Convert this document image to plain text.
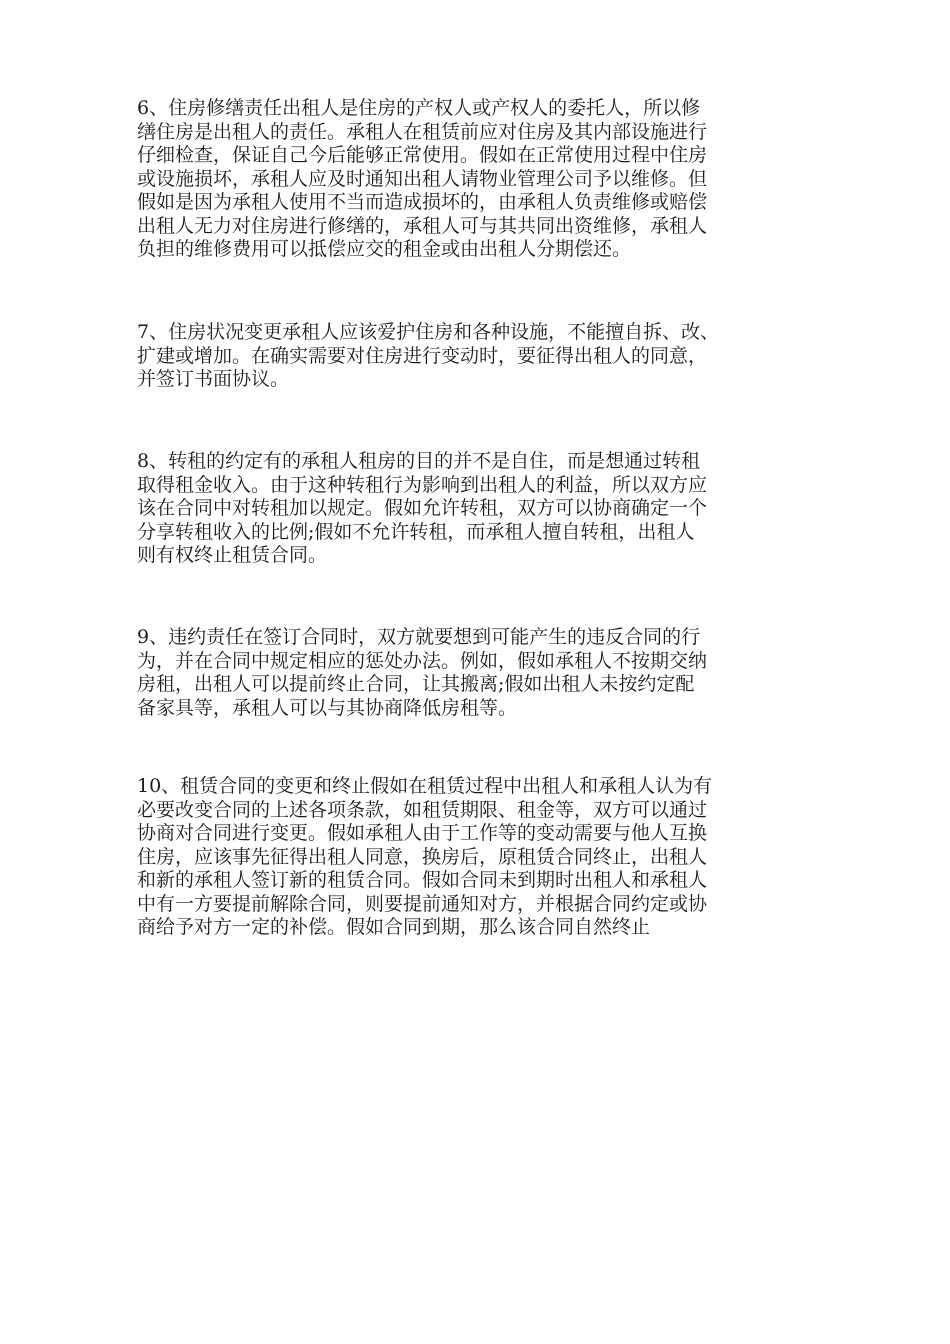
6、住房修缮责任出租人是住房的产权人或产权人的委托人，所以修
缮住房是出租人的责任。承租人在租赁前应对住房及其内部设施进行
仔细检查，保证自己今后能够正常使用。假如在正常使用过程中住房
或设施损坏，承租人应及时通知出租人请物业管理公司予以维修。但
假如是因为承租人使用不当而造成损坏的，由承租人负责维修或赔偿
出租人无力对住房进行修缮的，承租人可与其共同出资维修，承租人
负担的维修费用可以抵偿应交的租金或由出租人分期偿还。

7、住房状况变更承租人应该爱护住房和各种设施，不能擅自拆、改、
扩建或增加。在确实需要对住房进行变动时，要征得出租人的同意，
并签订书面协议。

8、转租的约定有的承租人租房的目的并不是自住，而是想通过转租
取得租金收入。由于这种转租行为影响到出租人的利益，所以双方应
该在合同中对转租加以规定。假如允许转租，双方可以协商确定一个
分享转租收入的比例;假如不允许转租，而承租人擅自转租，出租人
则有权终止租赁合同。

9、违约责任在签订合同时，双方就要想到可能产生的违反合同的行
为，并在合同中规定相应的惩处办法。例如，假如承租人不按期交纳
房租，出租人可以提前终止合同，让其搬离;假如出租人未按约定配
备家具等，承租人可以与其协商降低房租等。

10、租赁合同的变更和终止假如在租赁过程中出租人和承租人认为有
必要改变合同的上述各项条款，如租赁期限、租金等，双方可以通过
协商对合同进行变更。假如承租人由于工作等的变动需要与他人互换
住房，应该事先征得出租人同意，换房后，原租赁合同终止，出租人
和新的承租人签订新的租赁合同。假如合同未到期时出租人和承租人
中有一方要提前解除合同，则要提前通知对方，并根据合同约定或协
商给予对方一定的补偿。假如合同到期，那么该合同自然终止
